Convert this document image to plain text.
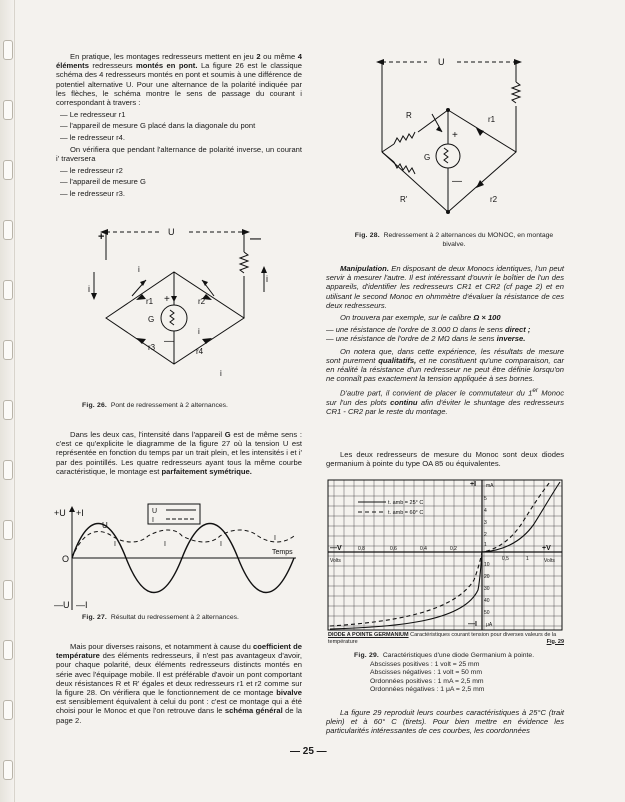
En pratique, les montages redresseurs mettent en jeu 2 ou même 4 éléments redresseurs montés en pont. La figure 26 est le classique schéma des 4 redresseurs montés en pont et soumis à une différence de potentiel alternative U. Pour une alternance de la polarité indiquée par les flèches, le schéma montre le sens de passage du courant i correspondant à travers :

— Le redresseur r1
— l'appareil de mesure G placé dans la diagonale du pont
— le redresseur r4.

On vérifiera que pendant l'alternance de polarité inverse, un courant i' traversera

— le redresseur r2
— l'appareil de mesure G
— le redresseur r3.
+	—
U
i
i
r1	r2
r3	r4
G
+
—
i
i
i
Fig. 26. Pont de redressement à 2 alternances.

Dans les deux cas, l'intensité dans l'appareil G est de même sens : c'est ce qu'explicite le diagramme de la figure 27 où la tension U est représentée en fonction du temps par un trait plein, et les intensités i et i' par des pointillés. Les quatre redresseurs ayant tous la même courbe caractéristique, le montage est parfaitement symétrique.

+U +I
—U —I
O
U
I	I	I
I
Temps
U
I
Fig. 27. Résultat du redressement à 2 alternances.

Mais pour diverses raisons, et notamment à cause du coefficient de température des éléments redresseurs, il n'est pas avantageux d'avoir, pour chaque polarité, deux éléments redresseurs distincts montés en série avec l'équipage mobile. Il est préférable d'avoir un pont comportant deux résistances R et R' égales et deux redresseurs r1 et r2 comme sur la figure 28. On vérifiera que le fonctionnement de ce montage bivalve est sensiblement équivalent à celui du pont : c'est ce montage qui a été choisi pour le Monoc et que l'on retrouve dans le schéma général de la page 2.

U
R
R'
r1
r2
G
+
—
Fig. 28. Redressement à 2 alternances du MONOC, en montage bivalve.

Manipulation. En disposant de deux Monocs identiques, l'un peut servir à mesurer l'autre. Il est intéressant d'ouvrir le boîtier de l'un des appareils, d'identifier les redresseurs CR1 et CR2 (cf page 2) et en utilisant le second Monoc en ohmmètre d'évaluer la résistance de ces deux redresseurs.

On trouvera par exemple, sur le calibre Ω × 100

— une résistance de l'ordre de 3.000 Ω dans le sens direct ;

— une résistance de l'ordre de 2 MΩ dans le sens inverse.

On notera que, dans cette expérience, les résultats de mesure sont purement qualitatifs, et ne constituent qu'une comparaison, car en réalité la résistance d'un redresseur ne peut être définie lorsqu'on ne connaît pas exactement la tension appliquée à ses bornes.

D'autre part, il convient de placer le commutateur du 1er Monoc sur l'un des plots continu afin d'éviter le shuntage des redresseurs CR1 - CR2 par le reste du montage.

Les deux redresseurs de mesure du Monoc sont deux diodes germanium à pointe du type OA 85 ou équivalentes.

t. amb = 25° C
t. amb = 60° C
+I mA
—I μA
—V
Volts
+V
Volts
0,8	0,6	0,4	0,2
0,5	1
5
4
3
2
1
10
20
30
40
50
DIODE A POINTE GERMANIUM Caractéristiques courant tension pour diverses valeurs de la température	Fig. 29
Fig. 29. Caractéristiques d'une diode Germanium à pointe.
Abscisses positives : 1 volt = 25 mm
Abscisses négatives : 1 volt = 50 mm
Ordonnées positives : 1 mA = 2,5 mm
Ordonnées négatives : 1 μA = 2,5 mm

La figure 29 reproduit leurs courbes caractéristiques à 25°C (trait plein) et à 60° C (tirets). Pour bien mettre en évidence les particularités intéressantes de ces courbes, les coordonnées

— 25 —
